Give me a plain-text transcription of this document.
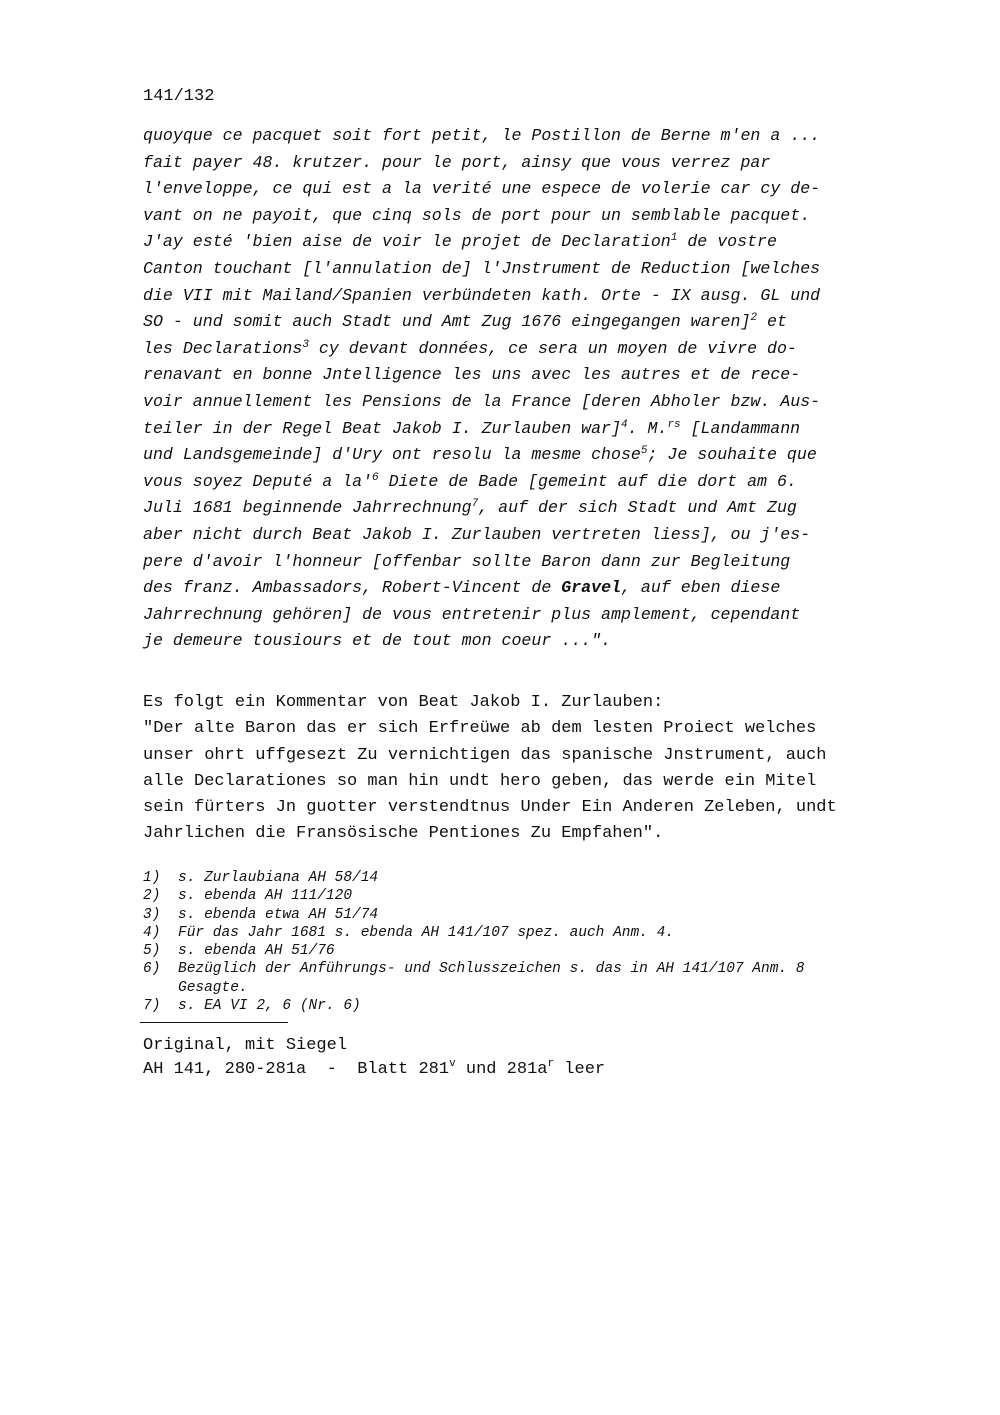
141/132
quoyque ce pacquet soit fort petit, le Postillon de Berne m'en a ...
fait payer 48. krutzer. pour le port, ainsy que vous verrez par
l'enveloppe, ce qui est a la verité une espece de volerie car cy de-
vant on ne payoit, que cinq sols de port pour un semblable pacquet.
J'ay esté 'bien aise de voir le projet de Declaration$^1$ de vostre
Canton touchant [l'annulation de] l'Jnstrument de Reduction [welches
die VII mit Mailand/Spanien verbündeten kath. Orte - IX ausg. GL und
SO - und somit auch Stadt und Amt Zug 1676 eingegangen waren]$^2$ et
les Declarations$^3$ cy devant données, ce sera un moyen de vivre do-
renavant en bonne Jntelligence les uns avec les autres et de rece-
voir annuellement les Pensions de la France [deren Abholer bzw. Aus-
teiler in der Regel Beat Jakob I. Zurlauben war]$^4$. M.$^{rs}$ [Landammann
und Landsgemeinde] d'Ury ont resolu la mesme chose$^5$; Je souhaite que
vous soyez Deputé a $la'^6$ Diete de Bade [gemeint auf die dort am 6.
Juli 1681 beginnende Jahrrechnung$^7$, auf der sich Stadt und Amt Zug
aber nicht durch Beat Jakob I. Zurlauben vertreten liess], ou j'es-
pere d'avoir l'honneur [offenbar sollte Baron dann zur Begleitung
des franz. Ambassadors, Robert-Vincent de Gravel, auf eben diese
Jahrrechnung gehören] de vous entretenir plus amplement, cependant
je demeure tousiours et de tout mon coeur ...".
Es folgt ein Kommentar von Beat Jakob I. Zurlauben:
"Der alte Baron das er sich Erfreüwe ab dem lesten Proiect welches
unser ohrt uffgesezt Zu vernichtigen das spanische Jnstrument, auch
alle Declarationes so man hin undt hero geben, das werde ein Mitel
sein fürters Jn guotter verstendtnus Under Ein Anderen Zeleben, undt
Jahrlichen die Fransösische Pentiones Zu Empfahen".
1)	s. Zurlaubiana AH 58/14
2)	s. ebenda AH 111/120
3)	s. ebenda etwa AH 51/74
4)	Für das Jahr 1681 s. ebenda AH 141/107 spez. auch Anm. 4.
5)	s. ebenda AH 51/76
6)	Bezüglich der Anführungs- und Schlusszeichen s. das in AH 141/107 Anm. 8
Gesagte.
7)	s. EA VI 2, 6 (Nr. 6)
Original, mit Siegel
AH 141, 280-281a  -  Blatt 281$^v$ und $281a^r$ leer
